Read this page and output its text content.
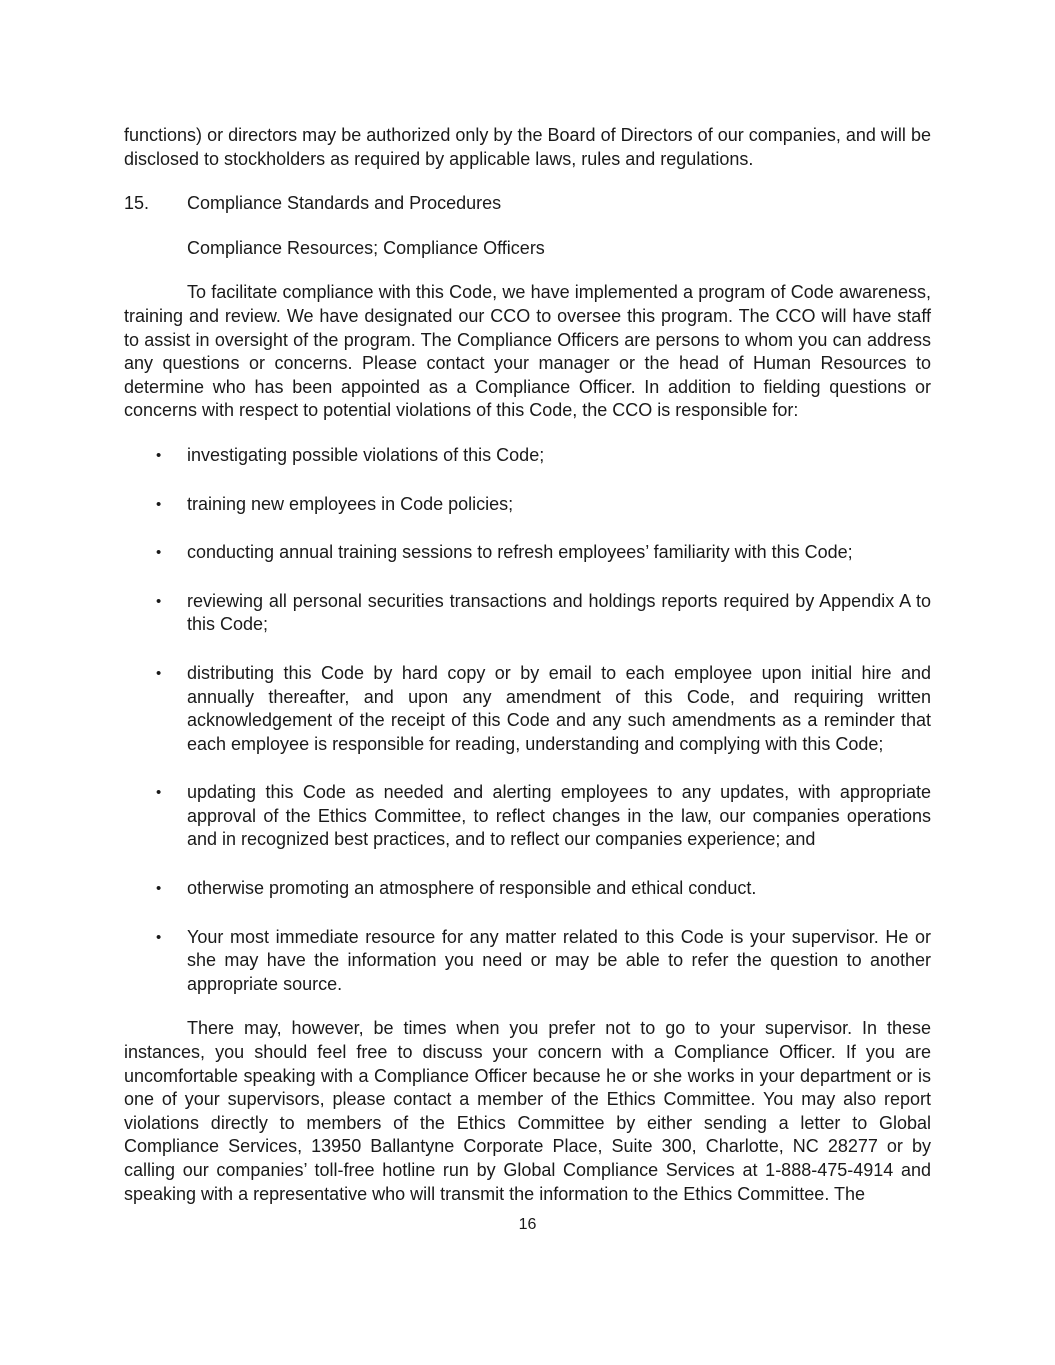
functions) or directors may be authorized only by the Board of Directors of our companies, and will be disclosed to stockholders as required by applicable laws, rules and regulations.

15.	Compliance Standards and Procedures
Compliance Resources; Compliance Officers

To facilitate compliance with this Code, we have implemented a program of Code awareness, training and review. We have designated our CCO to oversee this program. The CCO will have staff to assist in oversight of the program. The Compliance Officers are persons to whom you can address any questions or concerns. Please contact your manager or the head of Human Resources to determine who has been appointed as a Compliance Officer. In addition to fielding questions or concerns with respect to potential violations of this Code, the CCO is responsible for:

• investigating possible violations of this Code;
• training new employees in Code policies;
• conducting annual training sessions to refresh employees’ familiarity with this Code;
• reviewing all personal securities transactions and holdings reports required by Appendix A to this Code;
• distributing this Code by hard copy or by email to each employee upon initial hire and annually thereafter, and upon any amendment of this Code, and requiring written acknowledgement of the receipt of this Code and any such amendments as a reminder that each employee is responsible for reading, understanding and complying with this Code;
• updating this Code as needed and alerting employees to any updates, with appropriate approval of the Ethics Committee, to reflect changes in the law, our companies operations and in recognized best practices, and to reflect our companies experience; and
• otherwise promoting an atmosphere of responsible and ethical conduct.
• Your most immediate resource for any matter related to this Code is your supervisor. He or she may have the information you need or may be able to refer the question to another appropriate source.

There may, however, be times when you prefer not to go to your supervisor. In these instances, you should feel free to discuss your concern with a Compliance Officer. If you are uncomfortable speaking with a Compliance Officer because he or she works in your department or is one of your supervisors, please contact a member of the Ethics Committee. You may also report violations directly to members of the Ethics Committee by either sending a letter to Global Compliance Services, 13950 Ballantyne Corporate Place, Suite 300, Charlotte, NC 28277 or by calling our companies’ toll-free hotline run by Global Compliance Services at 1-888-475-4914 and speaking with a representative who will transmit the information to the Ethics Committee. The

16
